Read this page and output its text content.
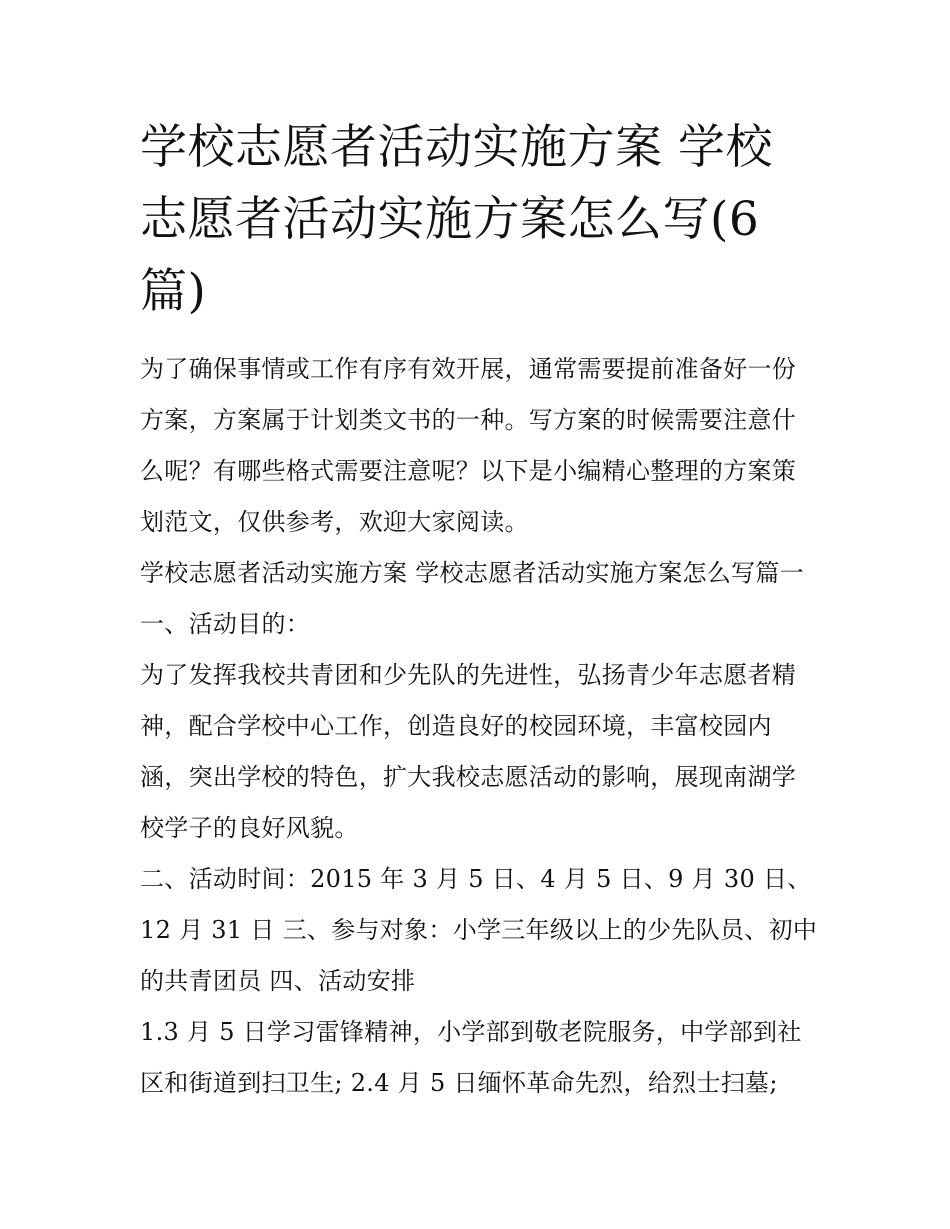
学校志愿者活动实施方案 学校志愿者活动实施方案怎么写(6篇)

为了确保事情或工作有序有效开展，通常需要提前准备好一份方案，方案属于计划类文书的一种。写方案的时候需要注意什么呢？有哪些格式需要注意呢？以下是小编精心整理的方案策划范文，仅供参考，欢迎大家阅读。

学校志愿者活动实施方案 学校志愿者活动实施方案怎么写篇一 一、活动目的：

为了发挥我校共青团和少先队的先进性，弘扬青少年志愿者精神，配合学校中心工作，创造良好的校园环境，丰富校园内涵，突出学校的特色，扩大我校志愿活动的影响，展现南湖学校学子的良好风貌。

二、活动时间：2015 年 3 月 5 日、4 月 5 日、9 月 30 日、12 月 31 日 三、参与对象：小学三年级以上的少先队员、初中的共青团员 四、活动安排

1.3 月 5 日学习雷锋精神，小学部到敬老院服务，中学部到社区和街道到扫卫生; 2.4 月 5 日缅怀革命先烈，给烈士扫墓;
